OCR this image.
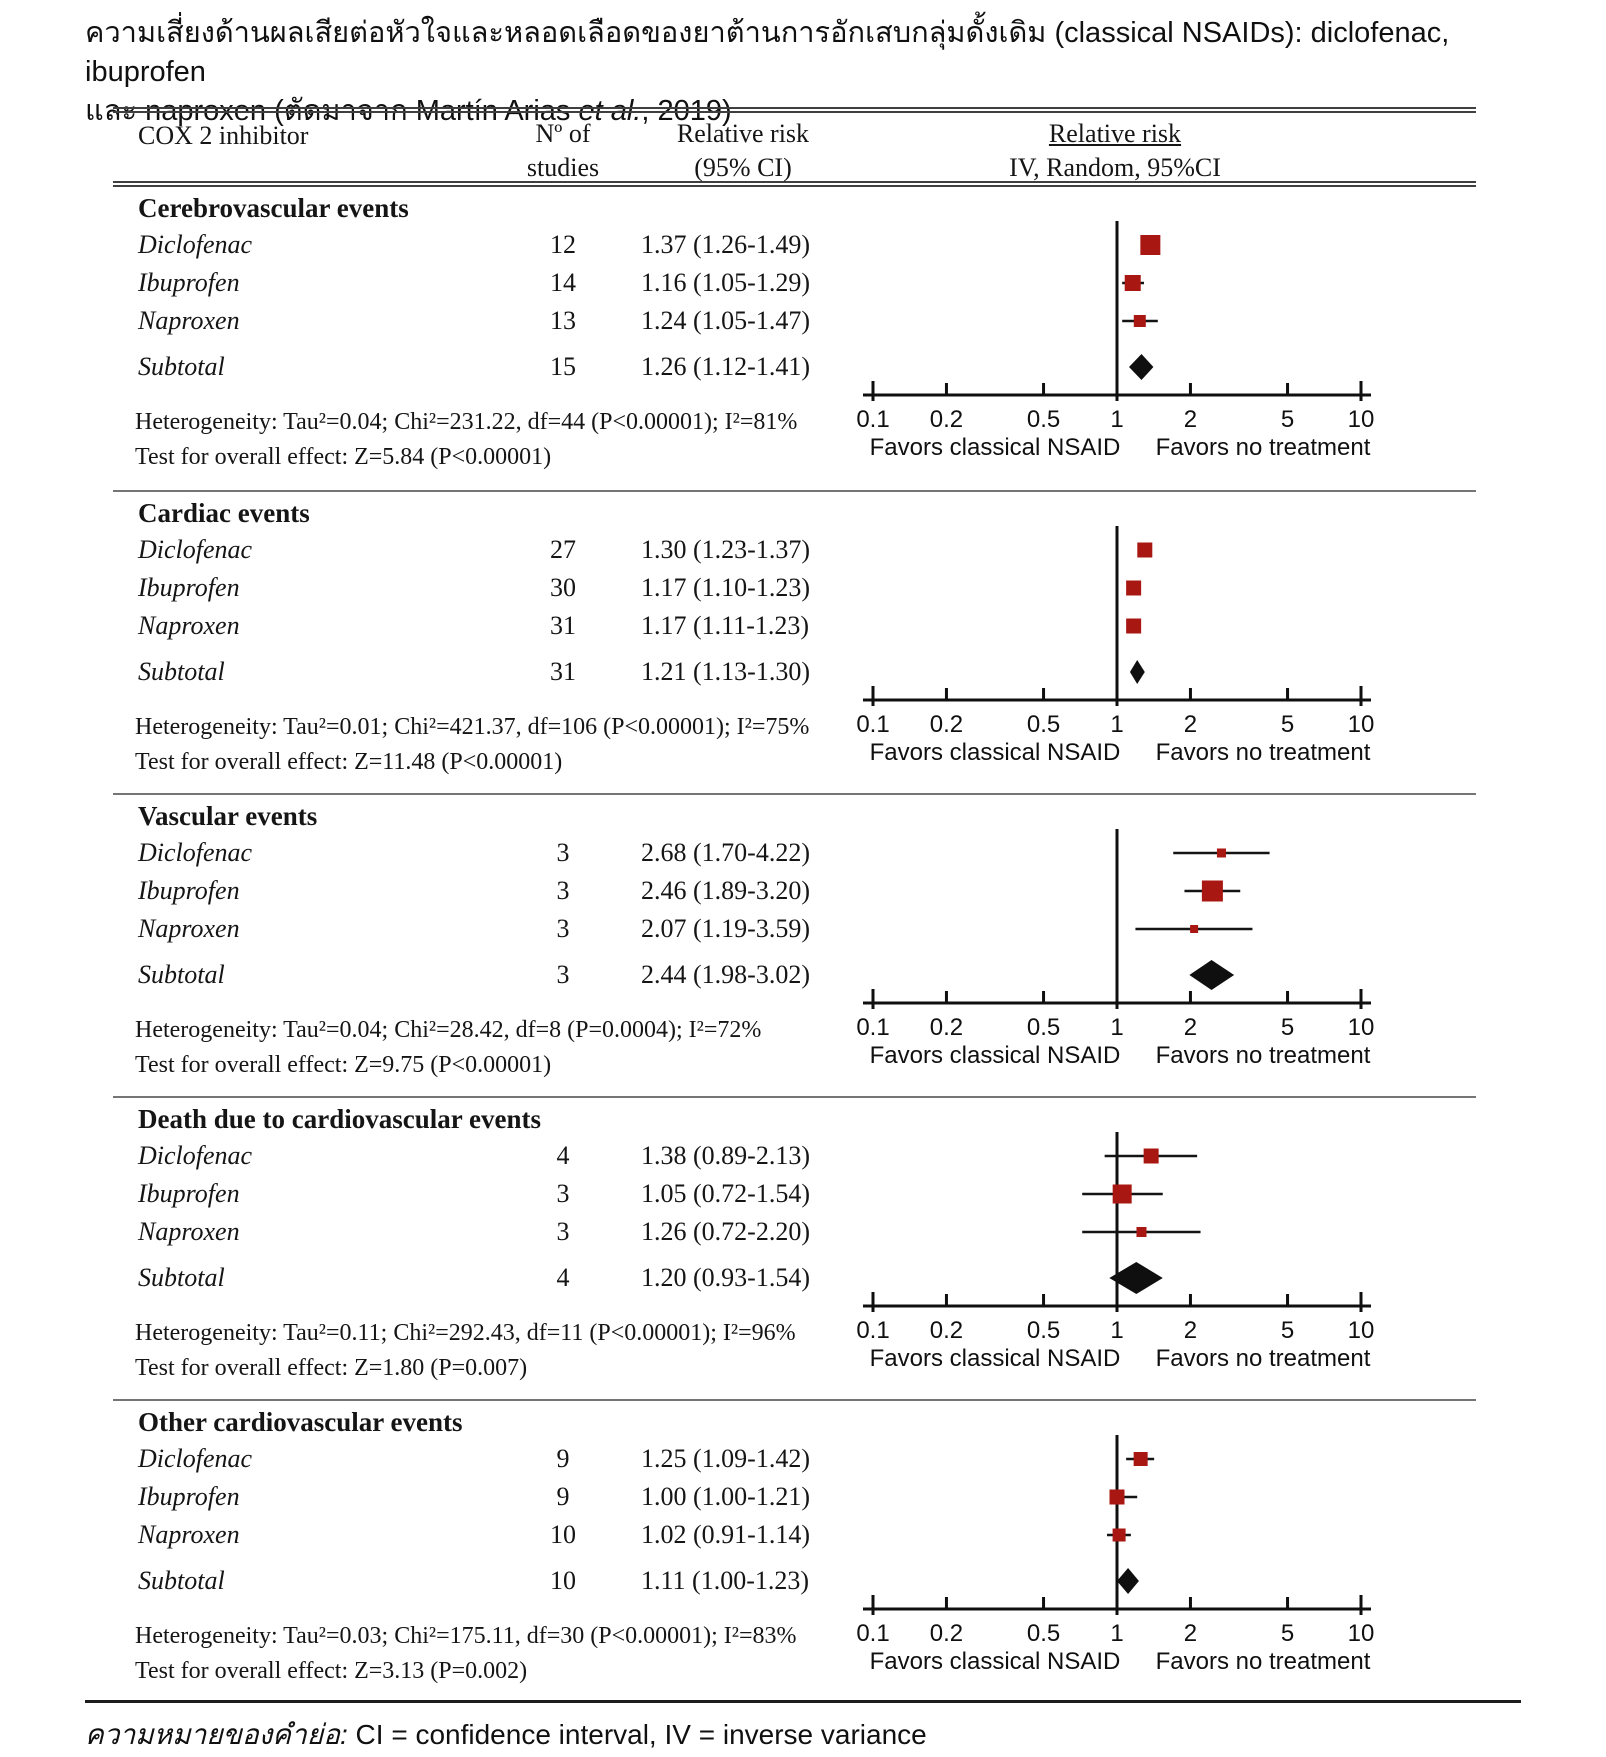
ความเสี่ยงด้านผลเสียต่อหัวใจและหลอดเลือดของยาต้านการอักเสบกลุ่มดั้งเดิม (classical NSAIDs): diclofenac, ibuprofen
และ naproxen (ตัดมาจาก Martín Arias et al., 2019)
COX 2 inhibitor	Nº of
studies
Relative risk
(95% CI)
Relative risk
IV, Random, 95%CI
Cerebrovascular events
Diclofenac	12	1.37 (1.26-1.49)
Ibuprofen	14	1.16 (1.05-1.29)
Naproxen	13	1.24 (1.05-1.47)
Subtotal	15	1.26 (1.12-1.41)
Heterogeneity: Tau²=0.04; Chi²=231.22, df=44 (P<0.00001); I²=81%
Test for overall effect: Z=5.84 (P<0.00001)
0.1 0.2	0.5 1	2	5 10
Favors classical NSAID Favors no treatment
Cardiac events
Diclofenac	27	1.30 (1.23-1.37)
Ibuprofen	30	1.17 (1.10-1.23)
Naproxen	31	1.17 (1.11-1.23)
Subtotal	31	1.21 (1.13-1.30)
Heterogeneity: Tau²=0.01; Chi²=421.37, df=106 (P<0.00001); I²=75%
Test for overall effect: Z=11.48 (P<0.00001)
0.1 0.2	0.5 1	2	5 10
Favors classical NSAID Favors no treatment
Vascular events
Diclofenac	3	2.68 (1.70-4.22)
Ibuprofen	3	2.46 (1.89-3.20)
Naproxen	3	2.07 (1.19-3.59)
Subtotal	3	2.44 (1.98-3.02)
Heterogeneity: Tau²=0.04; Chi²=28.42, df=8 (P=0.0004); I²=72%
Test for overall effect: Z=9.75 (P<0.00001)
0.1 0.2	0.5 1	2	5 10
Favors classical NSAID Favors no treatment
Death due to cardiovascular events
Diclofenac	4	1.38 (0.89-2.13)
Ibuprofen	3	1.05 (0.72-1.54)
Naproxen	3	1.26 (0.72-2.20)
Subtotal	4	1.20 (0.93-1.54)
Heterogeneity: Tau²=0.11; Chi²=292.43, df=11 (P<0.00001); I²=96%
Test for overall effect: Z=1.80 (P=0.007)
0.1 0.2	0.5 1	2	5 10
Favors classical NSAID Favors no treatment
Other cardiovascular events
Diclofenac	9	1.25 (1.09-1.42)
Ibuprofen	9	1.00 (1.00-1.21)
Naproxen	10	1.02 (0.91-1.14)
Subtotal	10	1.11 (1.00-1.23)
Heterogeneity: Tau²=0.03; Chi²=175.11, df=30 (P<0.00001); I²=83%
Test for overall effect: Z=3.13 (P=0.002)
0.1 0.2	0.5 1	2	5 10
Favors classical NSAID Favors no treatment
ความหมายของคำย่อ: CI = confidence interval, IV = inverse variance
